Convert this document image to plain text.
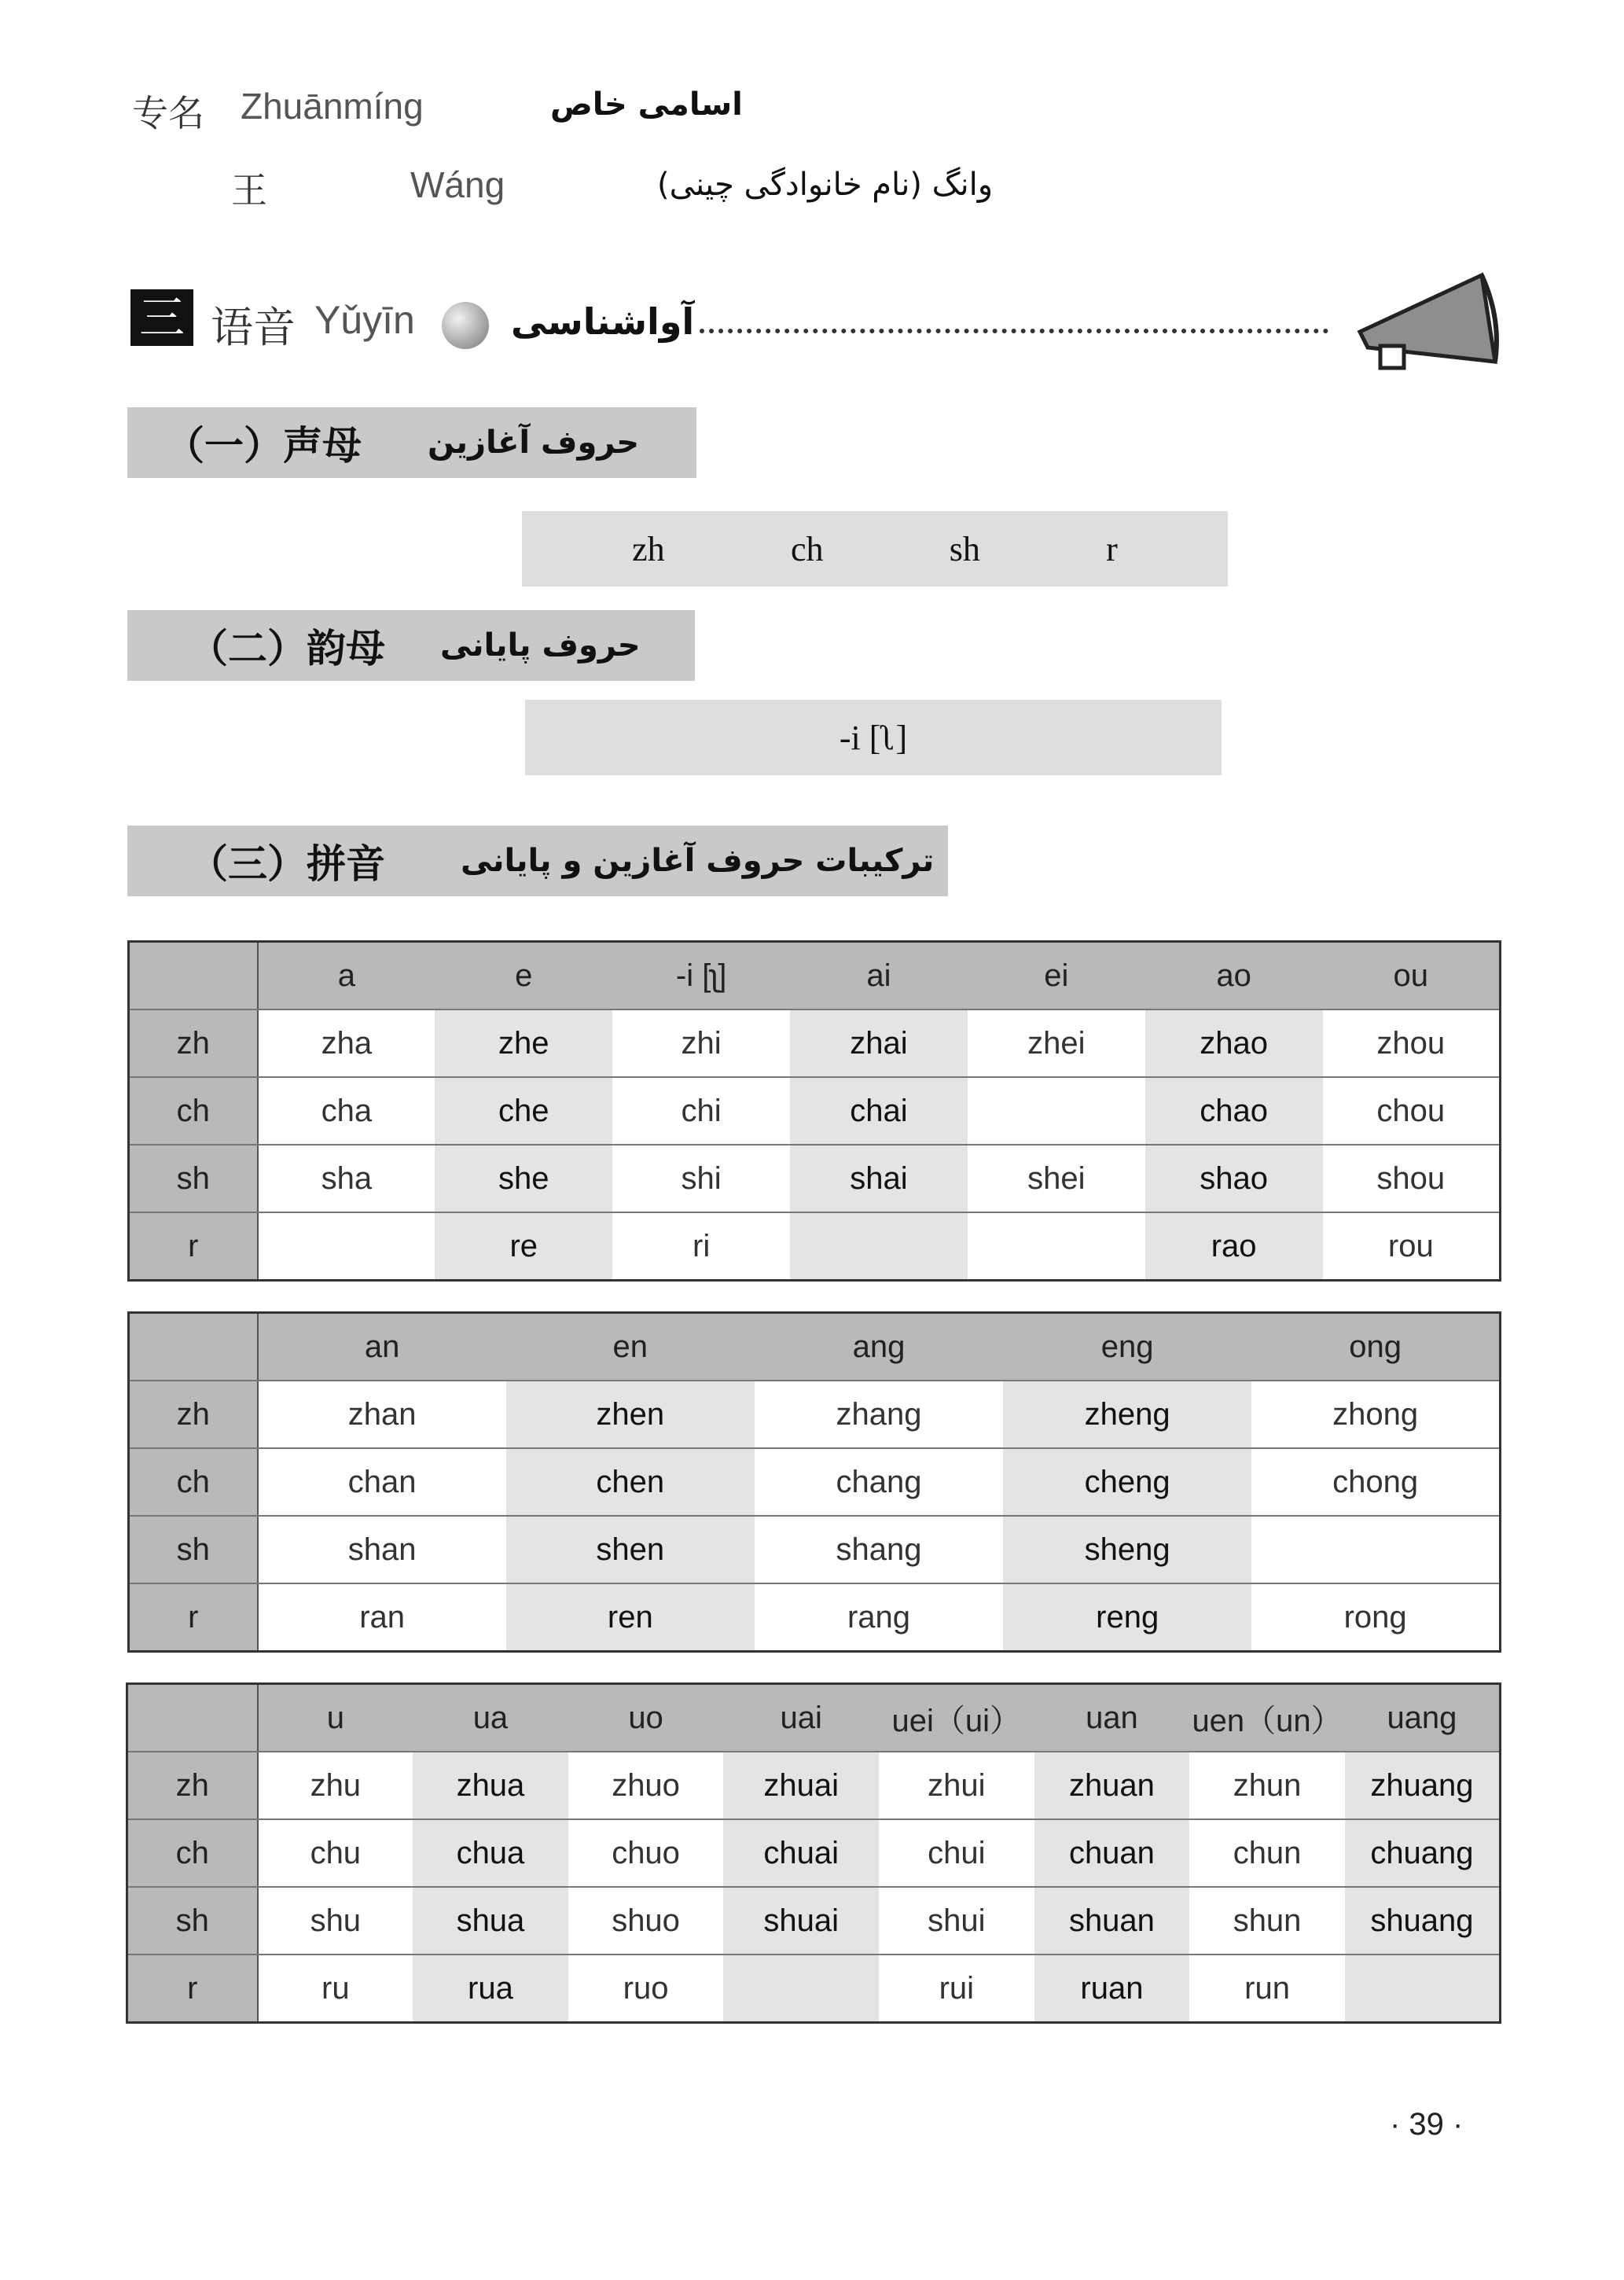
专名 Zhuānmíng	اسامی خاص
王	Wáng	وانگ (نام خانوادگی چینی)
三 语音 Yǔyīn	آواشناسی
（一）声母 حروف آغازین
zh	ch	sh	r
（二）韵母 حروف پایانی
-i [ʅ]
（三）拼音 ترکیبات حروف آغازین و پایانی
	a	e	-i [ʅ]	ai	ei	ao	ou
zh	zha	zhe	zhi	zhai	zhei	zhao	zhou
ch	cha	che	chi	chai		chao	chou
sh	sha	she	shi	shai	shei	shao	shou
r		re	ri			rao	rou
	an	en	ang	eng	ong
zh	zhan	zhen	zhang	zheng	zhong
ch	chan	chen	chang	cheng	chong
sh	shan	shen	shang	sheng	
r	ran	ren	rang	reng	rong
	u	ua	uo	uai	uei（ui）	uan	uen（un）	uang
zh	zhu	zhua	zhuo	zhuai	zhui	zhuan	zhun	zhuang
ch	chu	chua	chuo	chuai	chui	chuan	chun	chuang
sh	shu	shua	shuo	shuai	shui	shuan	shun	shuang
r	ru	rua	ruo		rui	ruan	run	
· 39 ·
